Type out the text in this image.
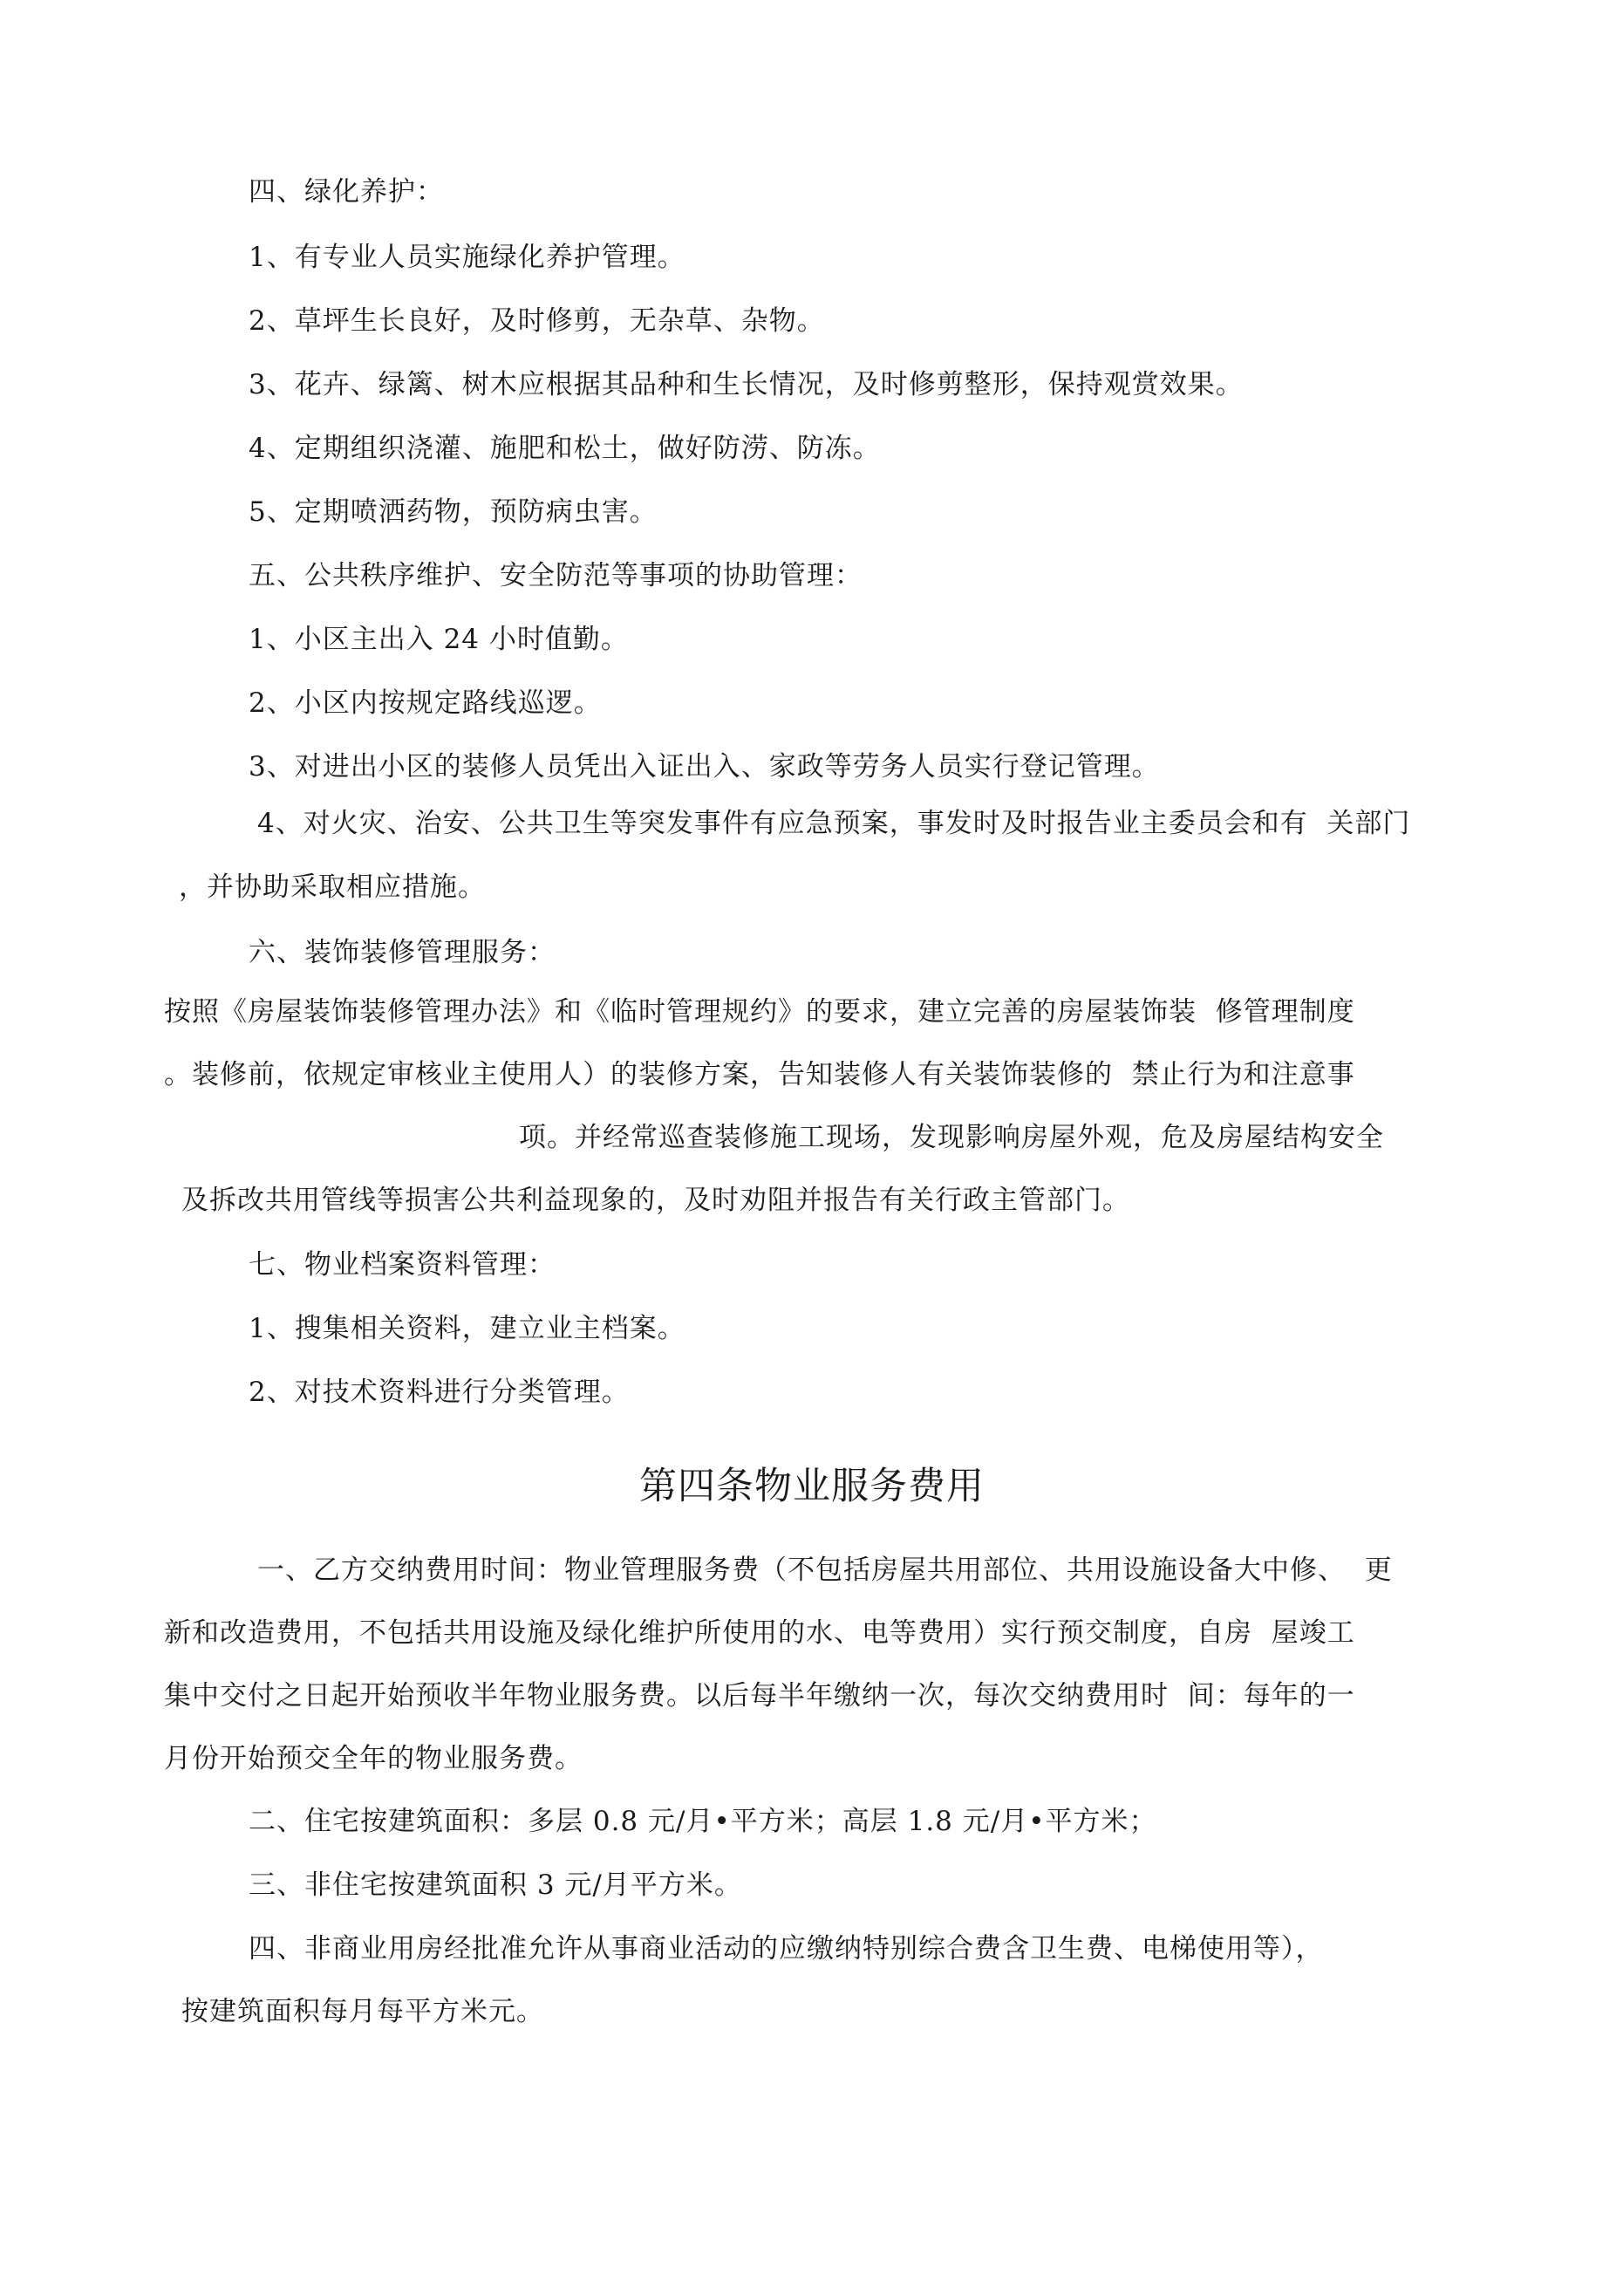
四、绿化养护：
1、有专业人员实施绿化养护管理。
2、草坪生长良好，及时修剪，无杂草、杂物。
3、花卉、绿篱、树木应根据其品种和生长情况，及时修剪整形，保持观赏效果。
4、定期组织浇灌、施肥和松土，做好防涝、防冻。
5、定期喷洒药物，预防病虫害。
五、公共秩序维护、安全防范等事项的协助管理：
1、小区主出入 24 小时值勤。
2、小区内按规定路线巡逻。
3、对进出小区的装修人员凭出入证出入、家政等劳务人员实行登记管理。
4、对火灾、治安、公共卫生等突发事件有应急预案，事发时及时报告业主委员会和有  关部门
，并协助采取相应措施。
六、装饰装修管理服务：
按照《房屋装饰装修管理办法》和《临时管理规约》的要求，建立完善的房屋装饰装  修管理制度
。装修前，依规定审核业主使用人）的装修方案，告知装修人有关装饰装修的  禁止行为和注意事
项。并经常巡查装修施工现场，发现影响房屋外观，危及房屋结构安全
及拆改共用管线等损害公共利益现象的，及时劝阻并报告有关行政主管部门。
七、物业档案资料管理：
1、搜集相关资料，建立业主档案。
2、对技术资料进行分类管理。
第四条物业服务费用
一、乙方交纳费用时间：物业管理服务费（不包括房屋共用部位、共用设施设备大中修、  更
新和改造费用，不包括共用设施及绿化维护所使用的水、电等费用）实行预交制度，自房  屋竣工
集中交付之日起开始预收半年物业服务费。以后每半年缴纳一次，每次交纳费用时  间：每年的一
月份开始预交全年的物业服务费。
二、住宅按建筑面积：多层 0.8 元/月•平方米；高层 1.8 元/月•平方米；
三、非住宅按建筑面积 3 元/月平方米。
四、非商业用房经批准允许从事商业活动的应缴纳特别综合费含卫生费、电梯使用等），
按建筑面积每月每平方米元。
